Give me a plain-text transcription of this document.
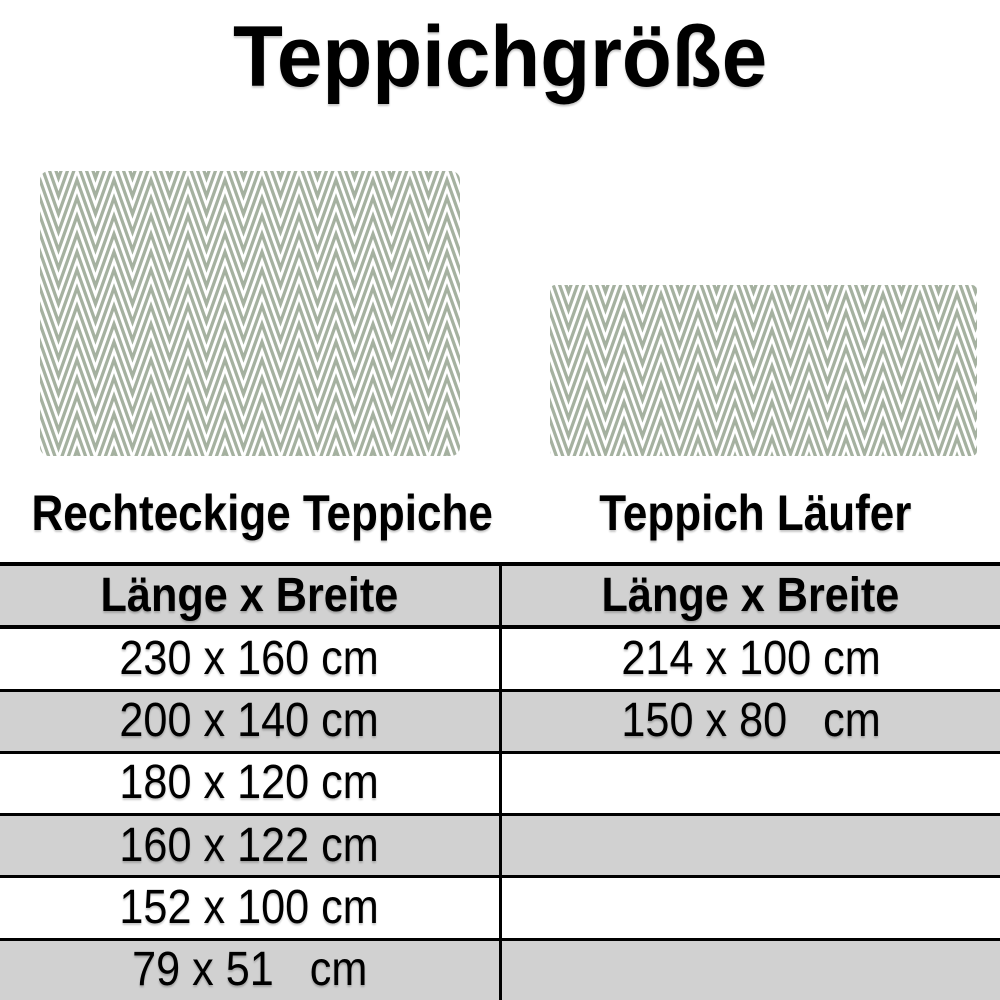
Teppichgröße
Rechteckige Teppiche	Teppich Läufer
Länge x Breite	Länge x Breite
230 x 160 cm	214 x 100 cm
200 x 140 cm	150 x 80   cm
180 x 120 cm
160 x 122 cm
152 x 100 cm
79 x 51   cm
